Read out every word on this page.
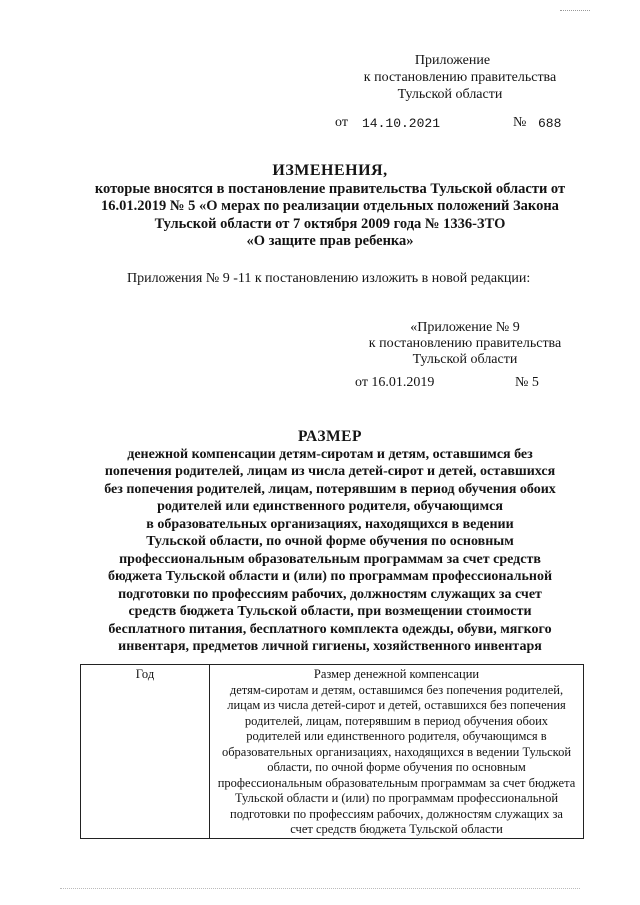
Приложение
к постановлению правительства
Тульской области
от 14.10.2021	№ 688
ИЗМЕНЕНИЯ,
которые вносятся в постановление правительства Тульской области от
16.01.2019 № 5 «О мерах по реализации отдельных положений Закона
Тульской области от 7 октября 2009 года № 1336-ЗТО
«О защите прав ребенка»
Приложения № 9 -11 к постановлению изложить в новой редакции:
«Приложение № 9
к постановлению правительства
Тульской области
от 16.01.2019	№ 5
РАЗМЕР
денежной компенсации детям-сиротам и детям, оставшимся без
попечения родителей, лицам из числа детей-сирот и детей, оставшихся
без попечения родителей, лицам, потерявшим в период обучения обоих
родителей или единственного родителя, обучающимся
в образовательных организациях, находящихся в ведении
Тульской области, по очной форме обучения по основным
профессиональным образовательным программам за счет средств
бюджета Тульской области и (или) по программам профессиональной
подготовки по профессиям рабочих, должностям служащих за счет
средств бюджета Тульской области, при возмещении стоимости
бесплатного питания, бесплатного комплекта одежды, обуви, мягкого
инвентаря, предметов личной гигиены, хозяйственного инвентаря
Год	Размер денежной компенсации
детям-сиротам и детям, оставшимся без попечения родителей,
лицам из числа детей-сирот и детей, оставшихся без попечения
родителей, лицам, потерявшим в период обучения обоих
родителей или единственного родителя, обучающимся в
образовательных организациях, находящихся в ведении Тульской
области, по очной форме обучения по основным
профессиональным образовательным программам за счет бюджета
Тульской области и (или) по программам профессиональной
подготовки по профессиям рабочих, должностям служащих за
счет средств бюджета Тульской области
